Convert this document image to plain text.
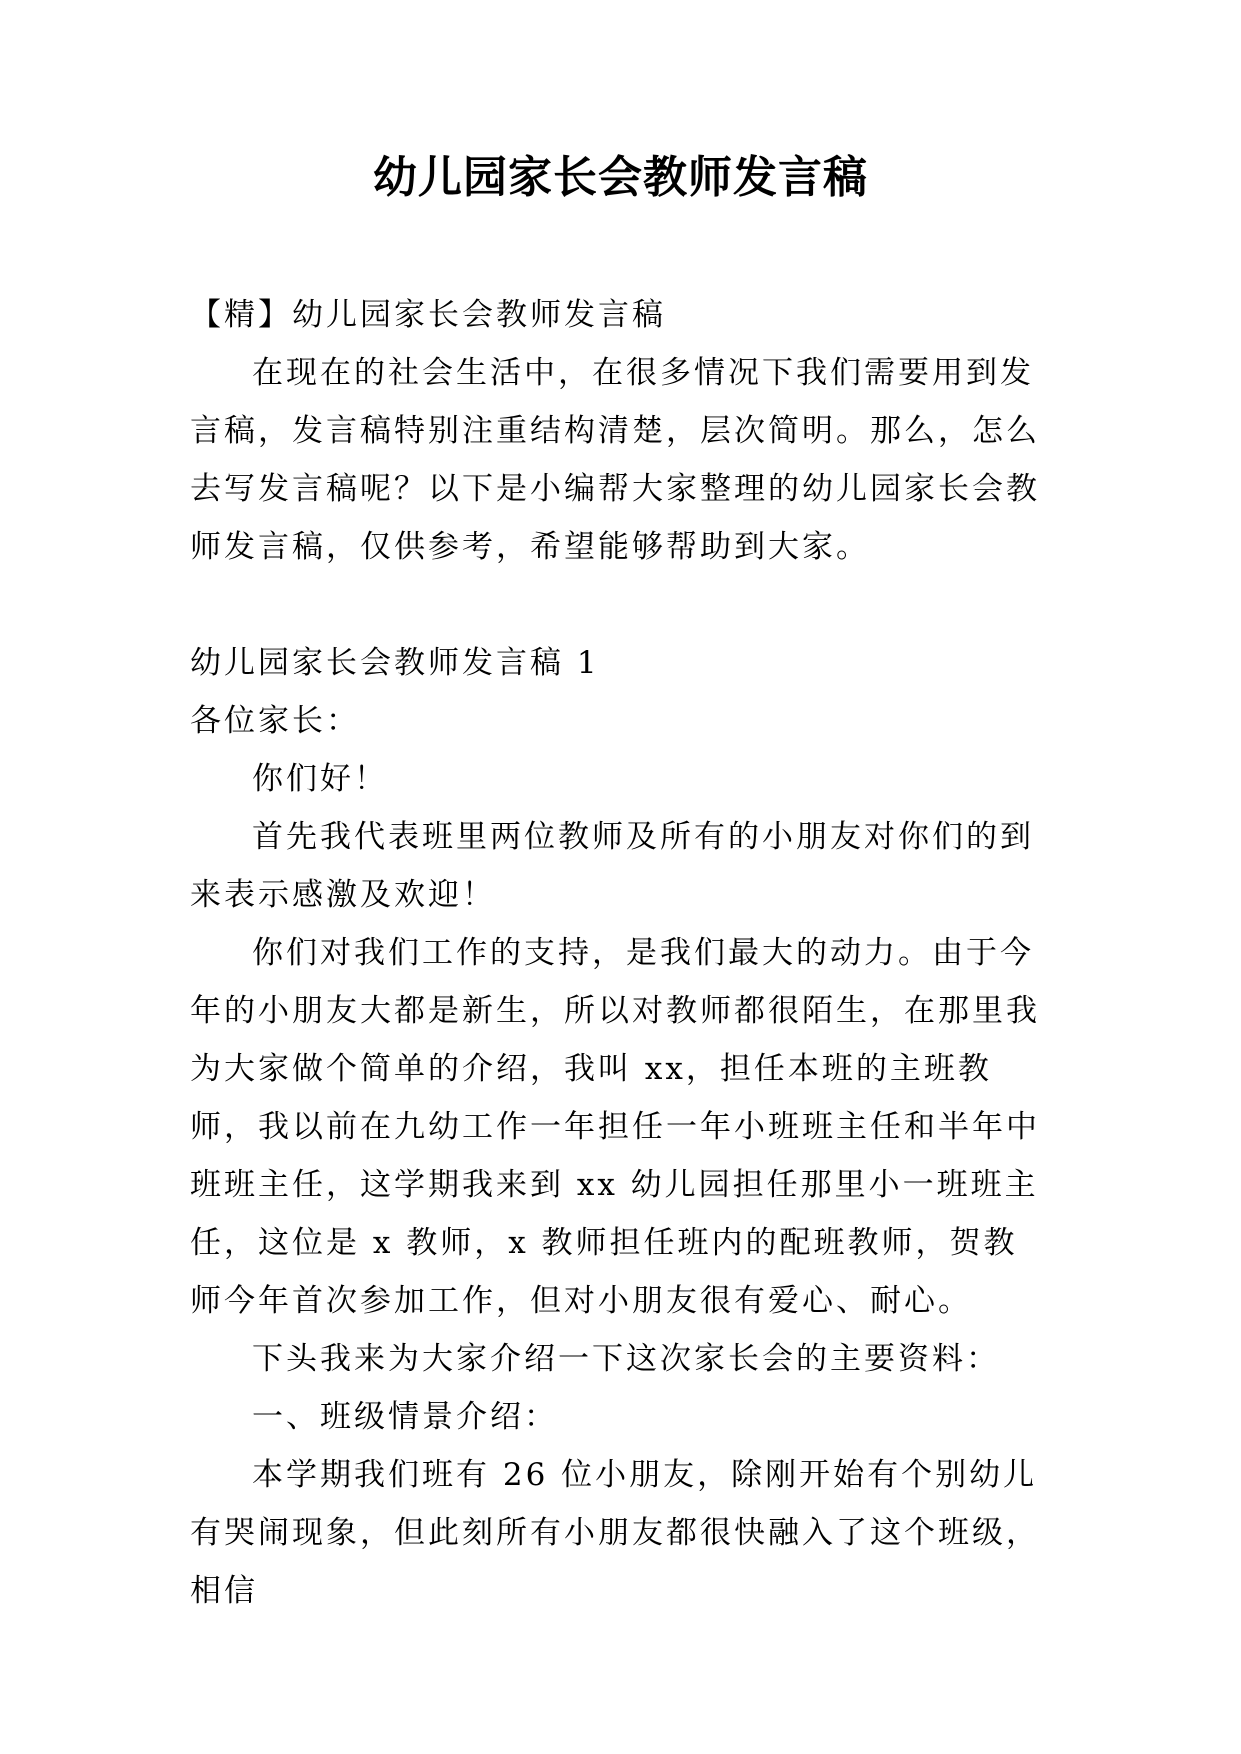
幼儿园家长会教师发言稿

【精】幼儿园家长会教师发言稿

在现在的社会生活中，在很多情况下我们需要用到发言稿，发言稿特别注重结构清楚，层次简明。那么，怎么去写发言稿呢？以下是小编帮大家整理的幼儿园家长会教师发言稿，仅供参考，希望能够帮助到大家。

幼儿园家长会教师发言稿 1

各位家长：

你们好！

首先我代表班里两位教师及所有的小朋友对你们的到来表示感激及欢迎！

你们对我们工作的支持，是我们最大的动力。由于今年的小朋友大都是新生，所以对教师都很陌生，在那里我为大家做个简单的介绍，我叫 xx，担任本班的主班教师，我以前在九幼工作一年担任一年小班班主任和半年中班班主任，这学期我来到 xx 幼儿园担任那里小一班班主任，这位是 x 教师，x 教师担任班内的配班教师，贺教师今年首次参加工作，但对小朋友很有爱心、耐心。

下头我来为大家介绍一下这次家长会的主要资料：

一、班级情景介绍：

本学期我们班有 26 位小朋友，除刚开始有个别幼儿有哭闹现象，但此刻所有小朋友都很快融入了这个班级，相信
